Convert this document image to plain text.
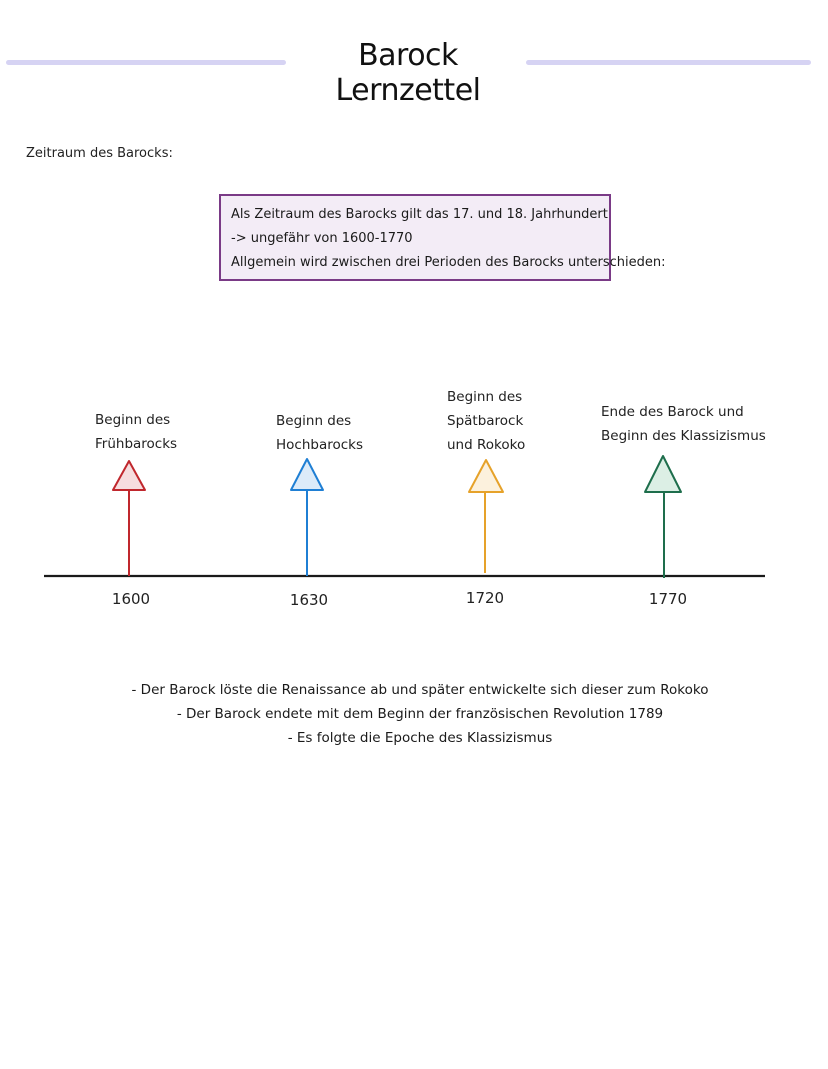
Barock Lernzettel
Zeitraum des Barocks:
Als Zeitraum des Barocks gilt das 17. und 18. Jahrhundert
-> ungefähr von 1600-1770
Allgemein wird zwischen drei Perioden des Barocks unterschieden:
Beginn des
Frühbarocks
Beginn des
Hochbarocks
Beginn des
Spätbarock
und Rokoko
Ende des Barock und
Beginn des Klassizismus
1600	1630	1720	1770
- Der Barock löste die Renaissance ab und später entwickelte sich dieser zum Rokoko
- Der Barock endete mit dem Beginn der französischen Revolution 1789
- Es folgte die Epoche des Klassizismus
